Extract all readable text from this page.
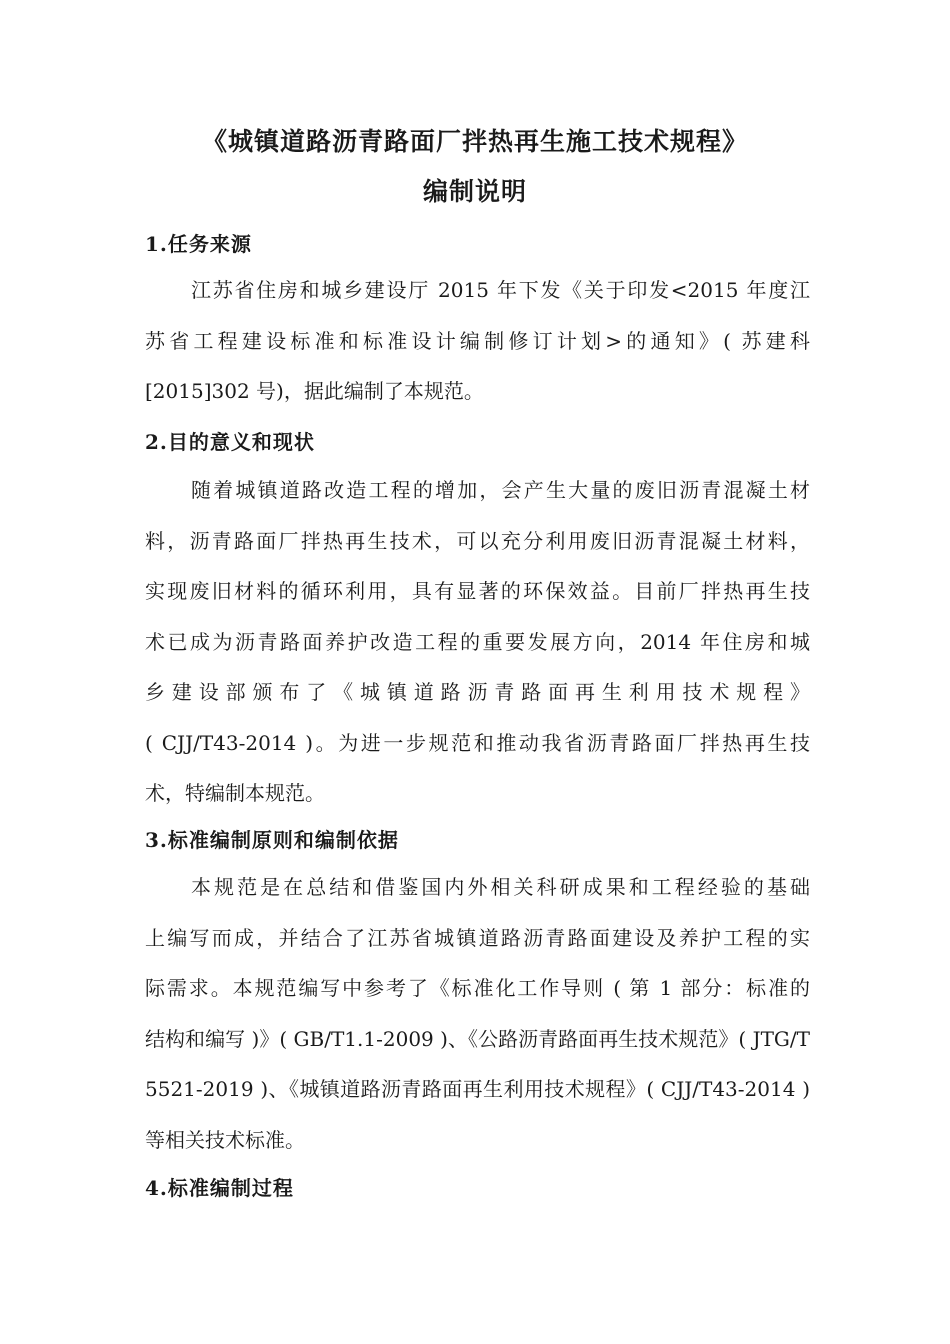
《城镇道路沥青路面厂拌热再生施工技术规程》
编制说明
1.任务来源
江苏省住房和城乡建设厅 2015 年下发《关于印发<2015 年度江
苏省工程建设标准和标准设计编制修订计划>的通知》( 苏建科
[2015]302 号)，据此编制了本规范。
2.目的意义和现状
随着城镇道路改造工程的增加，会产生大量的废旧沥青混凝土材
料，沥青路面厂拌热再生技术，可以充分利用废旧沥青混凝土材料，
实现废旧材料的循环利用，具有显著的环保效益。目前厂拌热再生技
术已成为沥青路面养护改造工程的重要发展方向，2014 年住房和城
乡建设部颁布了《城镇道路沥青路面再生利用技术规程》
( CJJ/T43-2014 )。为进一步规范和推动我省沥青路面厂拌热再生技
术，特编制本规范。
3.标准编制原则和编制依据
本规范是在总结和借鉴国内外相关科研成果和工程经验的基础
上编写而成，并结合了江苏省城镇道路沥青路面建设及养护工程的实
际需求。本规范编写中参考了《标准化工作导则 ( 第 1 部分：标准的
结构和编写 )》( GB/T1.1-2009 )、《公路沥青路面再生技术规范》( JTG/T
5521-2019 )、《城镇道路沥青路面再生利用技术规程》( CJJ/T43-2014 )
等相关技术标准。
4.标准编制过程
